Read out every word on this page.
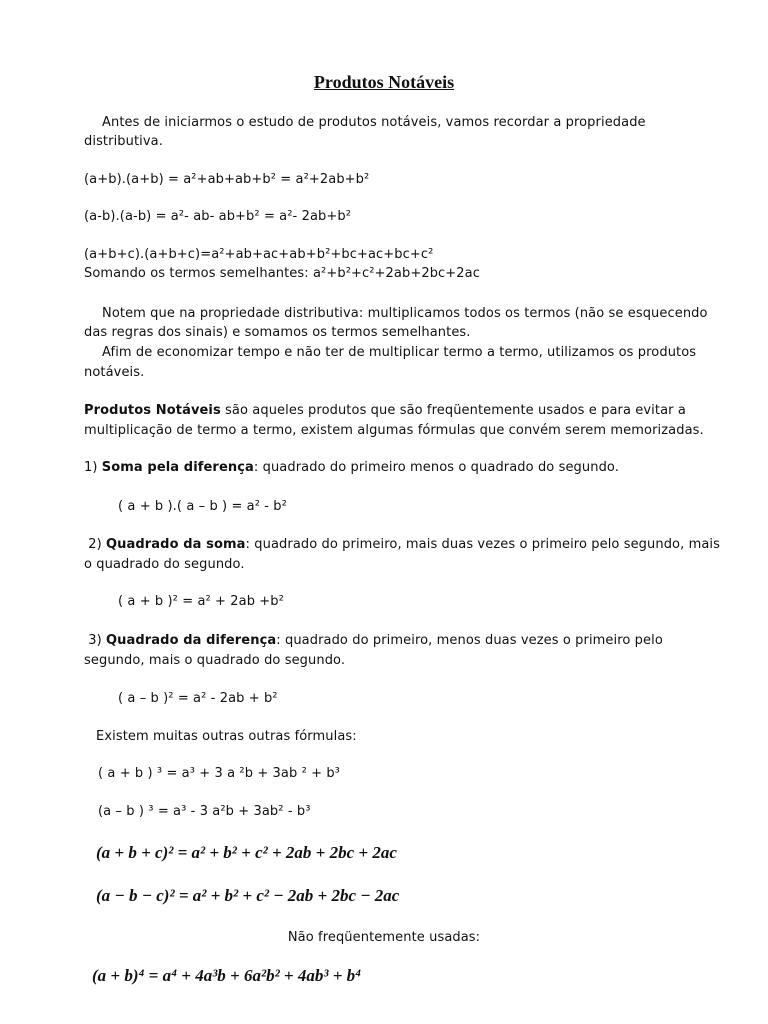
Produtos Notáveis
Antes de iniciarmos o estudo de produtos notáveis, vamos recordar a propriedade
distributiva.
(a+b).(a+b) = a²+ab+ab+b² = a²+2ab+b²
(a-b).(a-b) = a²- ab- ab+b² = a²- 2ab+b²
(a+b+c).(a+b+c)=a²+ab+ac+ab+b²+bc+ac+bc+c²
Somando os termos semelhantes: a²+b²+c²+2ab+2bc+2ac
Notem que na propriedade distributiva: multiplicamos todos os termos (não se esquecendo
das regras dos sinais) e somamos os termos semelhantes.
Afim de economizar tempo e não ter de multiplicar termo a termo, utilizamos os produtos
notáveis.
Produtos Notáveis são aqueles produtos que são freqüentemente usados e para evitar a
multiplicação de termo a termo, existem algumas fórmulas que convém serem memorizadas.
1) Soma pela diferença: quadrado do primeiro menos o quadrado do segundo.
( a + b ).( a – b ) = a² - b²
2) Quadrado da soma: quadrado do primeiro, mais duas vezes o primeiro pelo segundo, mais
o quadrado do segundo.
( a + b )² = a² + 2ab +b²
3) Quadrado da diferença: quadrado do primeiro, menos duas vezes o primeiro pelo
segundo, mais o quadrado do segundo.
( a – b )² = a² - 2ab + b²
Existem muitas outras outras fórmulas:
( a + b ) ³ = a³ + 3 a ²b + 3ab ² + b³
(a – b ) ³ = a³ - 3 a²b + 3ab² - b³
(a + b + c)² = a² + b² + c² + 2ab + 2bc + 2ac
(a − b − c)² = a² + b² + c² − 2ab + 2bc − 2ac
Não freqüentemente usadas:
(a + b)⁴ = a⁴ + 4a³b + 6a²b² + 4ab³ + b⁴
